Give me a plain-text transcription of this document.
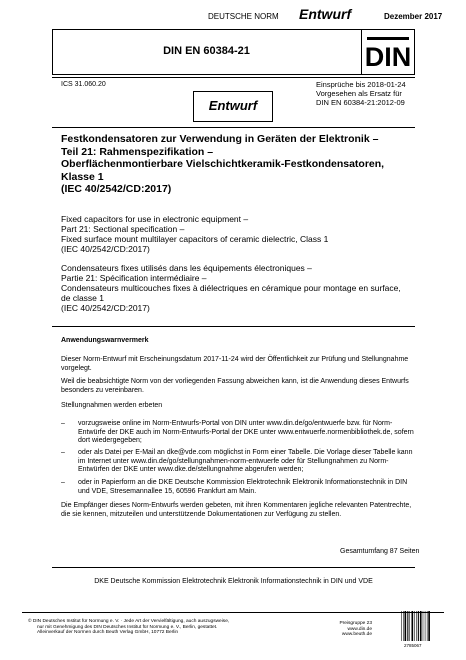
DEUTSCHE NORM Entwurf	Dezember 2017
DIN EN 60384-21	DIN
ICS 31.060.20	Einsprüche bis 2018-01-24
Vorgesehen als Ersatz für
DIN EN 60384-21:2012-09
Entwurf
Festkondensatoren zur Verwendung in Geräten der Elektronik –
Teil 21: Rahmenspezifikation –
Oberflächenmontierbare Vielschichtkeramik-Festkondensatoren,
Klasse 1
(IEC 40/2542/CD:2017)
Fixed capacitors for use in electronic equipment –
Part 21: Sectional specification –
Fixed surface mount multilayer capacitors of ceramic dielectric, Class 1
(IEC 40/2542/CD:2017)
Condensateurs fixes utilisés dans les équipements électroniques –
Partie 21: Spécification intermédiaire –
Condensateurs multicouches fixes à diélectriques en céramique pour montage en surface,
de classe 1
(IEC 40/2542/CD:2017)
Anwendungswarnvermerk
Dieser Norm-Entwurf mit Erscheinungsdatum 2017-11-24 wird der Öffentlichkeit zur Prüfung und Stellungnahme vorgelegt.
Weil die beabsichtigte Norm von der vorliegenden Fassung abweichen kann, ist die Anwendung dieses Entwurfs besonders zu vereinbaren.
Stellungnahmen werden erbeten
– vorzugsweise online im Norm-Entwurfs-Portal von DIN unter www.din.de/go/entwuerfe bzw. für Norm-Entwürfe der DKE auch im Norm-Entwurfs-Portal der DKE unter www.entwuerfe.normenbibliothek.de, sofern dort wiedergegeben;
– oder als Datei per E-Mail an dke@vde.com möglichst in Form einer Tabelle. Die Vorlage dieser Tabelle kann im Internet unter www.din.de/go/stellungnahmen-norm-entwuerfe oder für Stellungnahmen zu Norm-Entwürfen der DKE unter www.dke.de/stellungnahme abgerufen werden;
– oder in Papierform an die DKE Deutsche Kommission Elektrotechnik Elektronik Informationstechnik in DIN und VDE, Stresemannallee 15, 60596 Frankfurt am Main.
Die Empfänger dieses Norm-Entwurfs werden gebeten, mit ihren Kommentaren jegliche relevanten Patentrechte, die sie kennen, mitzuteilen und unterstützende Dokumentationen zur Verfügung zu stellen.
Gesamtumfang 87 Seiten
DKE Deutsche Kommission Elektrotechnik Elektronik Informationstechnik in DIN und VDE
© DIN Deutsches Institut für Normung e. V. · Jede Art der Vervielfältigung, auch auszugsweise,
nur mit Genehmigung des DIN Deutsches Institut für Normung e. V., Berlin, gestattet.
Alleinverkauf der Normen durch Beuth Verlag GmbH, 10772 Berlin
Preisgruppe 23
www.din.de
www.beuth.de
2785067
